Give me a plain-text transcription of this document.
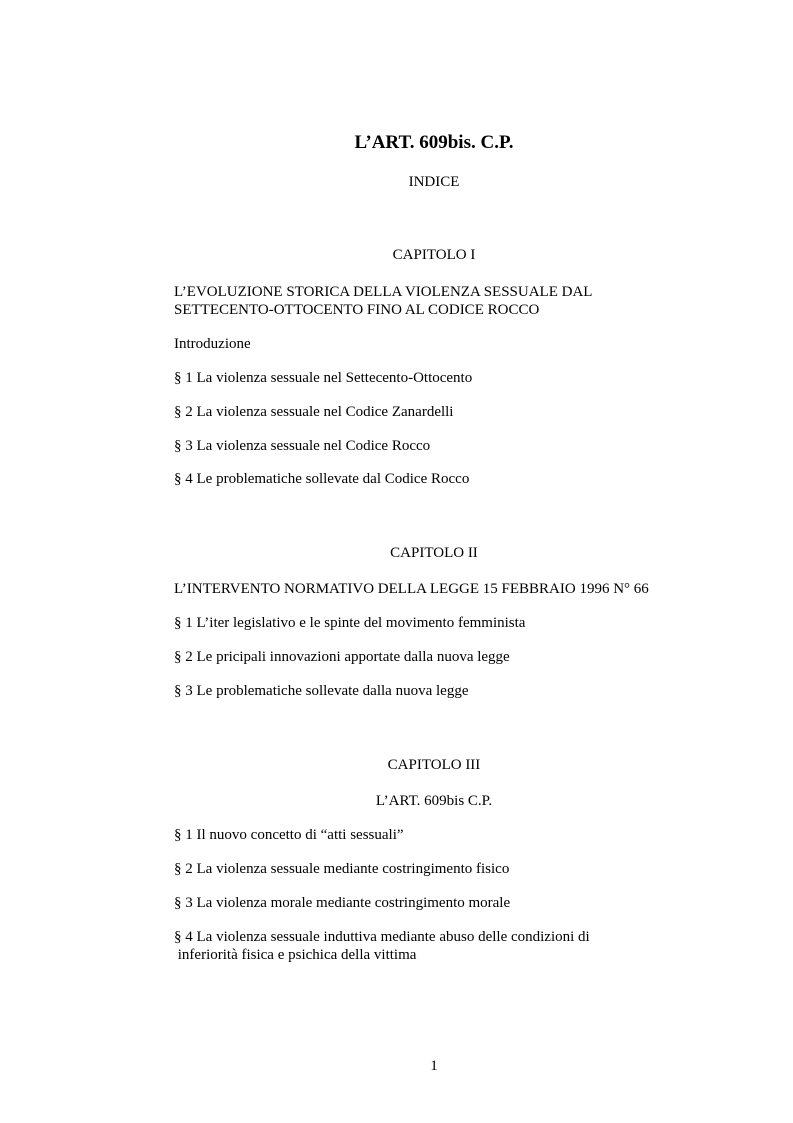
L’ART. 609bis. C.P.
INDICE
CAPITOLO I
L’EVOLUZIONE STORICA DELLA VIOLENZA SESSUALE DAL
SETTECENTO-OTTOCENTO FINO AL CODICE ROCCO
Introduzione
§ 1 La violenza sessuale nel Settecento-Ottocento
§ 2 La violenza sessuale nel Codice Zanardelli
§ 3 La violenza sessuale nel Codice Rocco
§ 4 Le problematiche sollevate dal Codice Rocco
CAPITOLO II
L’INTERVENTO NORMATIVO DELLA LEGGE 15 FEBBRAIO 1996 N° 66
§ 1 L’iter legislativo e le spinte del movimento femminista
§ 2 Le pricipali innovazioni apportate dalla nuova legge
§ 3 Le problematiche sollevate dalla nuova legge
CAPITOLO III
L’ART. 609bis C.P.
§ 1 Il nuovo concetto di “atti sessuali”
§ 2 La violenza sessuale mediante costringimento fisico
§ 3 La violenza morale mediante costringimento morale
§ 4 La violenza sessuale induttiva mediante abuso delle condizioni di
inferiorità fisica e psichica della vittima
1
